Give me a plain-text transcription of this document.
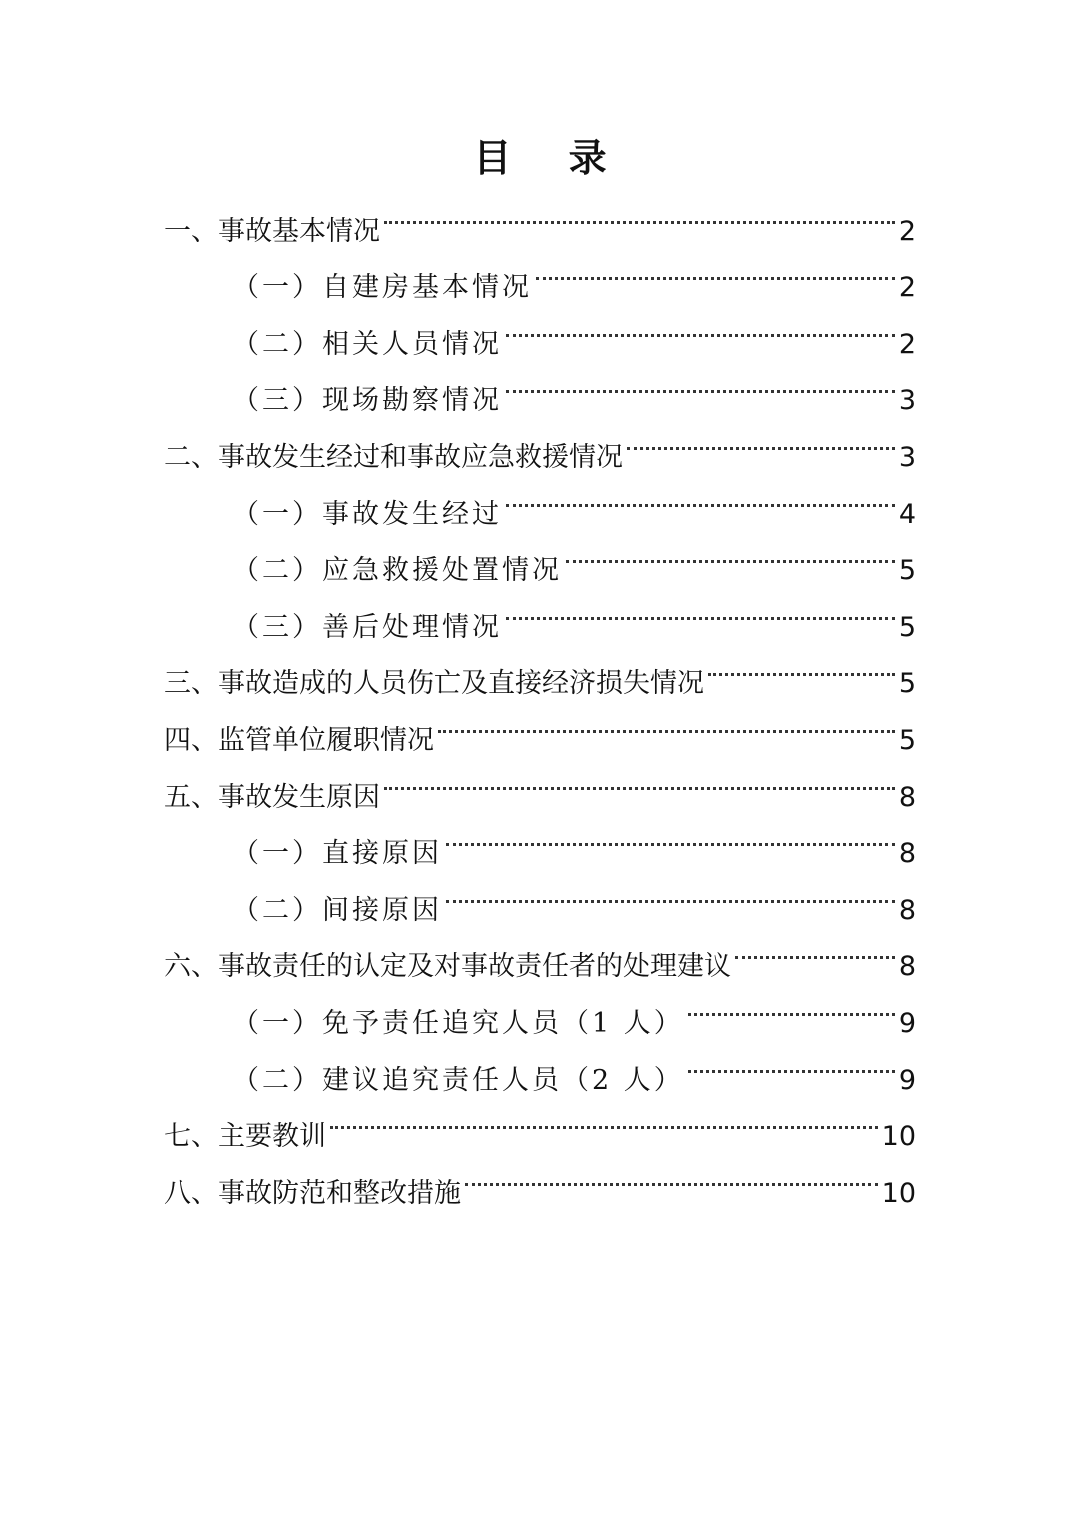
目 录
一、事故基本情况	2
（一）自建房基本情况	2
（二）相关人员情况	2
（三）现场勘察情况	3
二、事故发生经过和事故应急救援情况	3
（一）事故发生经过	4
（二）应急救援处置情况	5
（三）善后处理情况	5
三、事故造成的人员伤亡及直接经济损失情况	5
四、监管单位履职情况	5
五、事故发生原因	8
（一）直接原因	8
（二）间接原因	8
六、事故责任的认定及对事故责任者的处理建议	8
（一）免予责任追究人员（1 人）	9
（二）建议追究责任人员（2 人）	9
七、主要教训	10
八、事故防范和整改措施	10
